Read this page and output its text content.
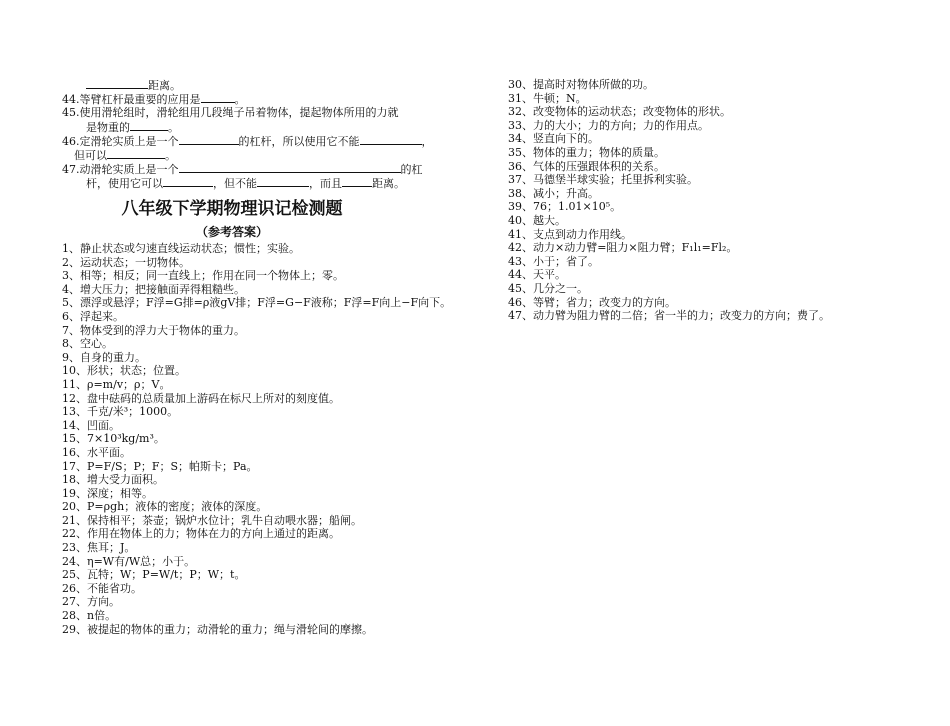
距离。
44.等臂杠杆最重要的应用是	。
45.使用滑轮组时，滑轮组用几段绳子吊着物体，提起物体所用的力就
是物重的	。
46.定滑轮实质上是一个	的杠杆，所以使用它不能	，
但可以	。
47.动滑轮实质上是一个	的杠
杆，使用它可以	，但不能	，而且	距离。
八年级下学期物理识记检测题
（参考答案）
1、静止状态或匀速直线运动状态；惯性；实验。
2、运动状态；一切物体。
3、相等；相反；同一直线上；作用在同一个物体上；零。
4、增大压力；把接触面弄得粗糙些。
5、漂浮或悬浮；F浮=G排=ρ液gV排；F浮=G−F液称；F浮=F向上−F向下。
6、浮起来。
7、物体受到的浮力大于物体的重力。
8、空心。
9、自身的重力。
10、形状；状态；位置。
11、ρ=m/v；ρ；V。
12、盘中砝码的总质量加上游码在标尺上所对的刻度值。
13、千克/米³；1000。
14、凹面。
15、7×10³kg/m³。
16、水平面。
17、P=F/S；P；F；S；帕斯卡；Pa。
18、增大受力面积。
19、深度；相等。
20、P=ρgh；液体的密度；液体的深度。
21、保持相平；茶壶；锅炉水位计；乳牛自动喂水器；船闸。
22、作用在物体上的力；物体在力的方向上通过的距离。
23、焦耳；J。
24、η=W有/W总；小于。
25、瓦特；W；P=W/t；P；W；t。
26、不能省功。
27、方向。
28、n倍。
29、被提起的物体的重力；动滑轮的重力；绳与滑轮间的摩擦。
30、提高时对物体所做的功。
31、牛顿；N。
32、改变物体的运动状态；改变物体的形状。
33、力的大小；力的方向；力的作用点。
34、竖直向下的。
35、物体的重力；物体的质量。
36、气体的压强跟体积的关系。
37、马德堡半球实验；托里拆利实验。
38、减小；升高。
39、76；1.01×10⁵。
40、越大。
41、支点到动力作用线。
42、动力×动力臂=阻力×阻力臂；F₁l₁=Fl₂。
43、小于；省了。
44、天平。
45、几分之一。
46、等臂；省力；改变力的方向。
47、动力臂为阻力臂的二倍；省一半的力；改变力的方向；费了。
